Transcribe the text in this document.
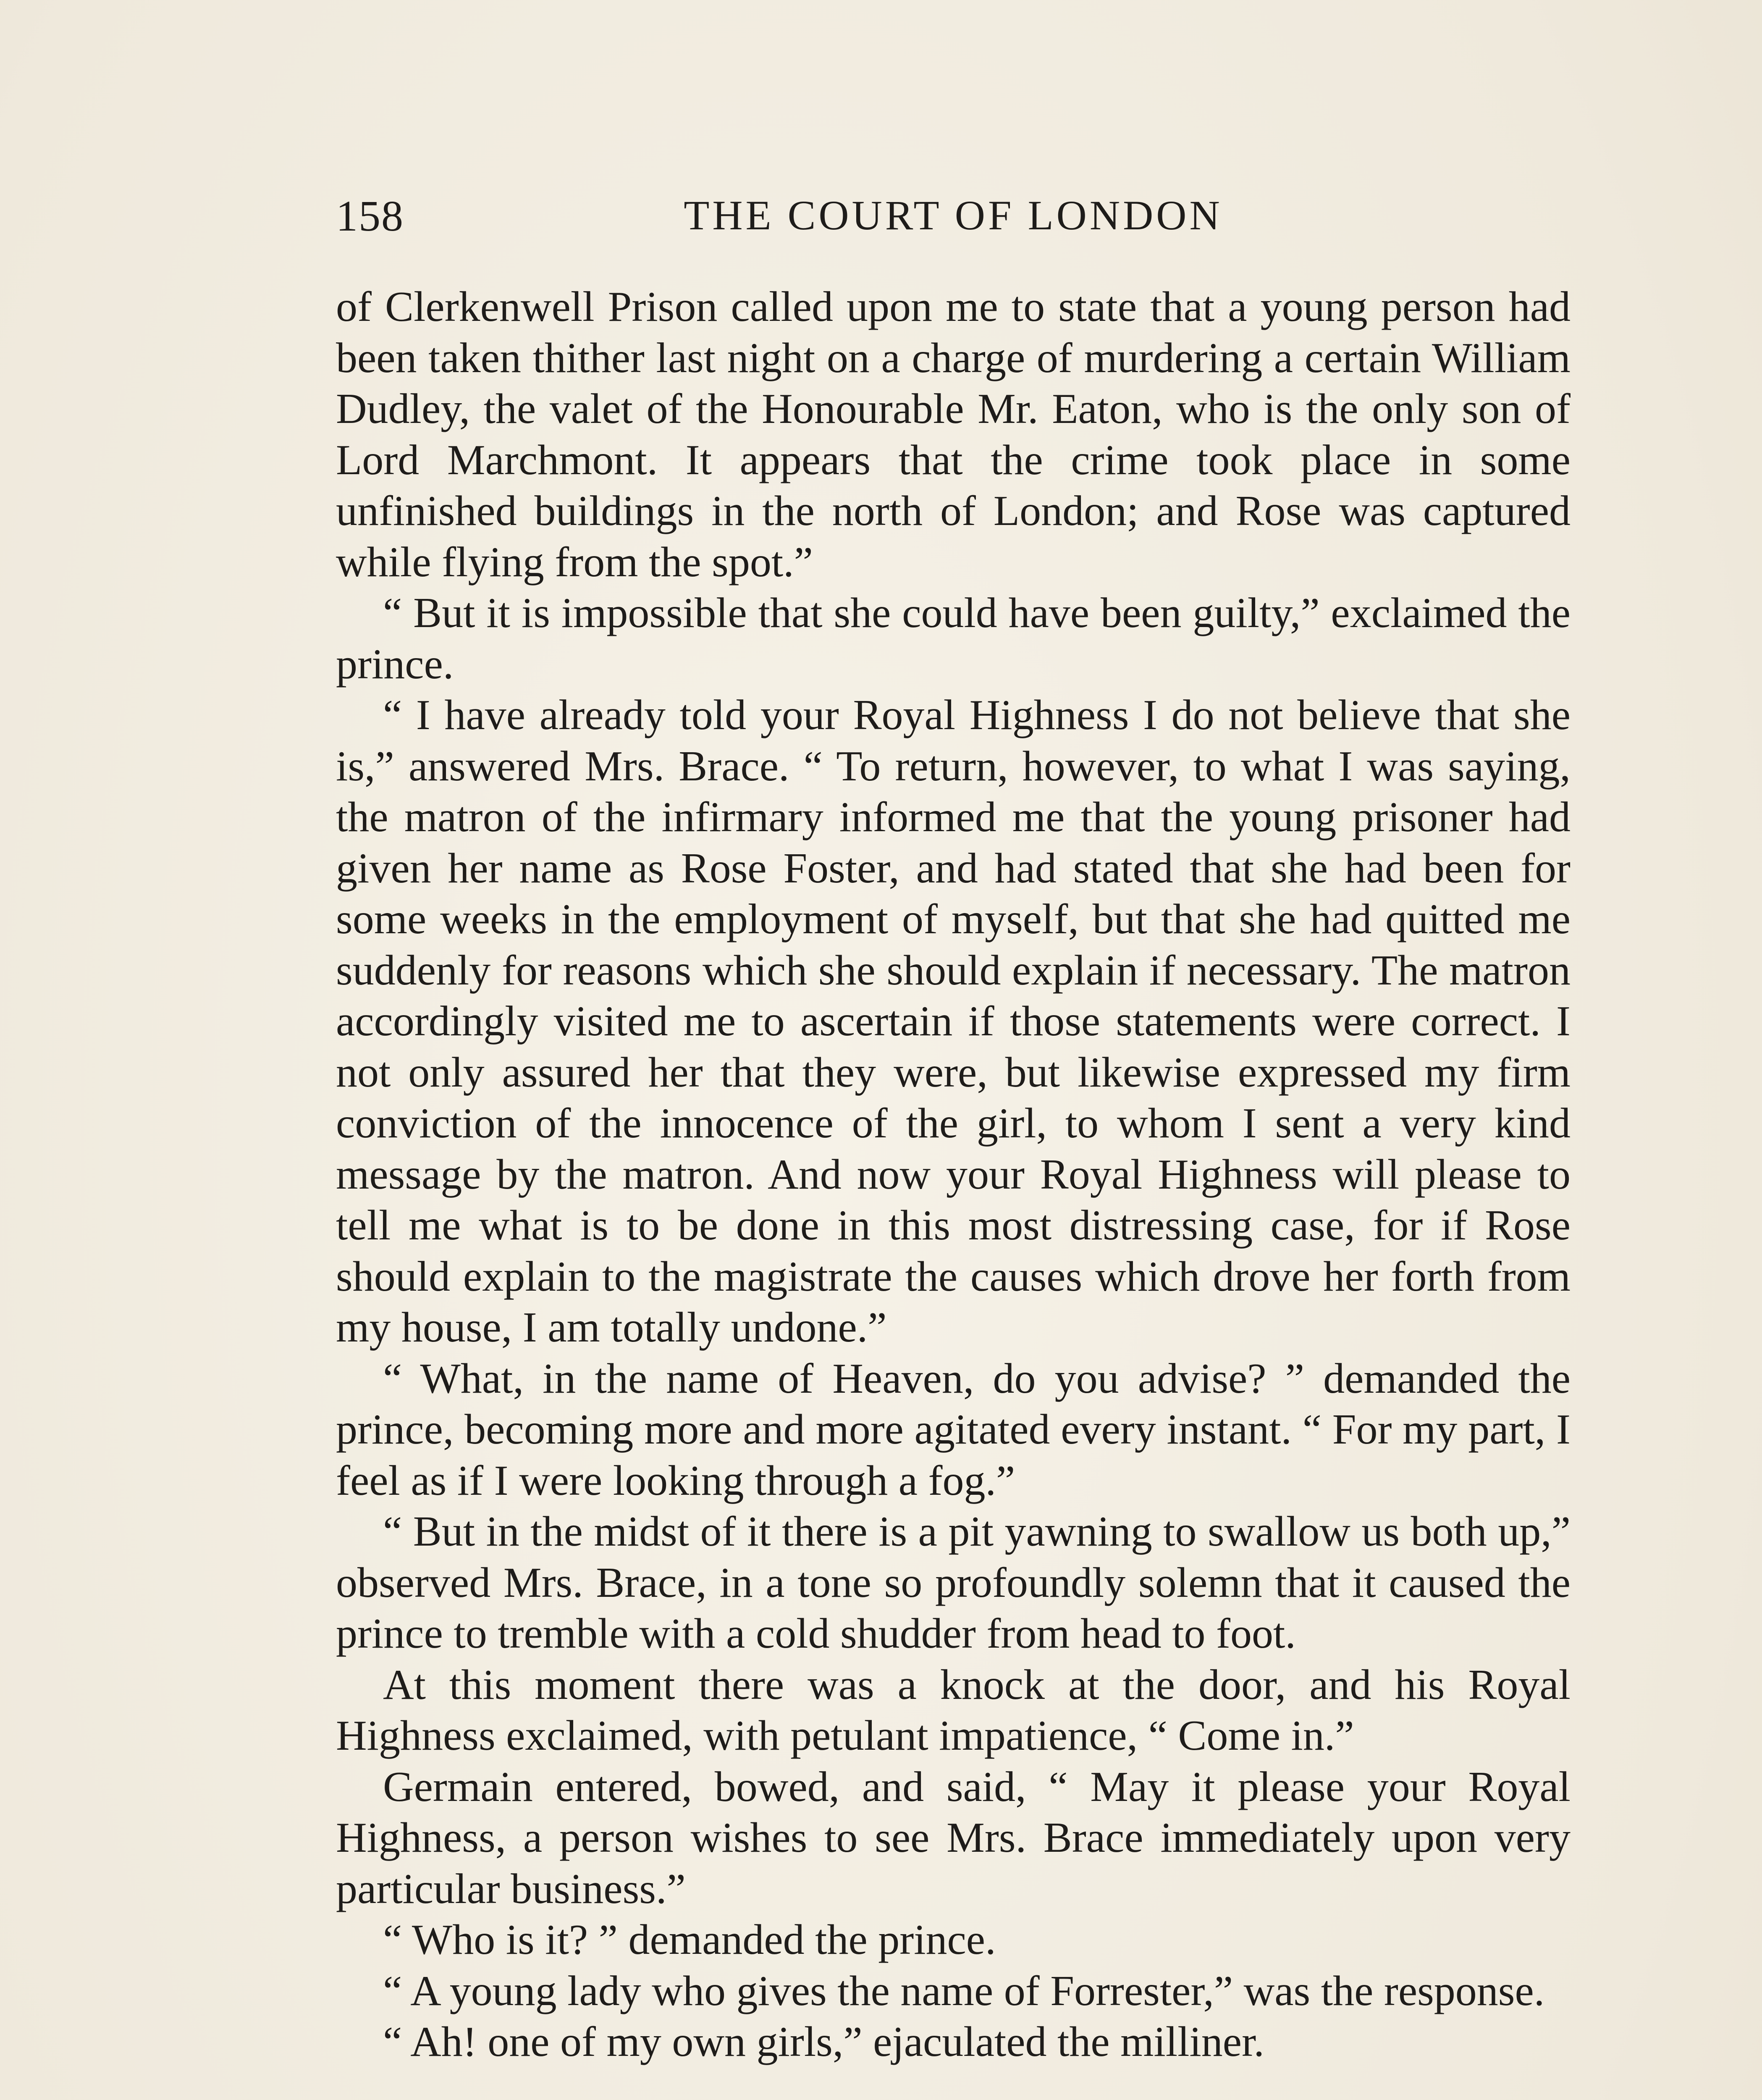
158	THE COURT OF LONDON

of Clerkenwell Prison called upon me to state that a young person had been taken thither last night on a charge of murdering a certain William Dudley, the valet of the Honourable Mr. Eaton, who is the only son of Lord Marchmont. It appears that the crime took place in some unfinished buildings in the north of London; and Rose was captured while flying from the spot.”

“ But it is impossible that she could have been guilty,” exclaimed the prince.

“ I have already told your Royal Highness I do not believe that she is,” answered Mrs. Brace. “ To return, however, to what I was saying, the matron of the infirmary informed me that the young prisoner had given her name as Rose Foster, and had stated that she had been for some weeks in the employment of myself, but that she had quitted me suddenly for reasons which she should explain if necessary. The matron accordingly visited me to ascertain if those statements were correct. I not only assured her that they were, but likewise expressed my firm conviction of the innocence of the girl, to whom I sent a very kind message by the matron. And now your Royal Highness will please to tell me what is to be done in this most distressing case, for if Rose should explain to the magistrate the causes which drove her forth from my house, I am totally undone.”

“ What, in the name of Heaven, do you advise? ” demanded the prince, becoming more and more agitated every instant. “ For my part, I feel as if I were looking through a fog.”

“ But in the midst of it there is a pit yawning to swallow us both up,” observed Mrs. Brace, in a tone so profoundly solemn that it caused the prince to tremble with a cold shudder from head to foot.

At this moment there was a knock at the door, and his Royal Highness exclaimed, with petulant impatience, “ Come in.”

Germain entered, bowed, and said, “ May it please your Royal Highness, a person wishes to see Mrs. Brace immediately upon very particular business.”

“ Who is it? ” demanded the prince.

“ A young lady who gives the name of Forrester,” was the response.

“ Ah! one of my own girls,” ejaculated the milliner.
